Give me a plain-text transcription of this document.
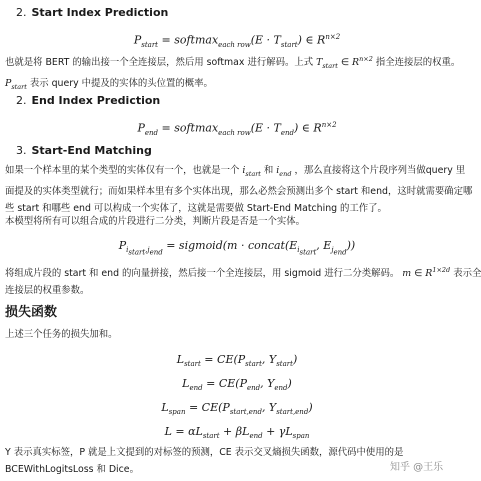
2. Start Index Prediction
$P_{start}$ = softmax$_{each row}$(E · $T_{start}$) ∈ $R^{n\times 2}$
也就是将 BERT 的输出接一个全连接层，然后用 softmax 进行解码。上式 $T_{start}$ ∈ $R^{n\times 2}$ 指全连接层的权重。
$P_{start}$ 表示 query 中提及的实体的头位置的概率。
2. End Index Prediction
$P_{end}$ = softmax$_{each row}$(E · $T_{end}$) ∈ $R^{n\times 2}$
3. Start-End Matching
如果一个样本里的某个类型的实体仅有一个，也就是一个 $i_{start}$ 和 $i_{end}$ ，那么直接将这个片段序列当做query 里
面提及的实体类型就行；而如果样本里有多个实体出现，那么必然会预测出多个 start 和end，这时就需要确定哪
些 start 和哪些 end 可以构成一个实体了，这就是需要做 Start-End Matching 的工作了。
本模型将所有可以组合成的片段进行二分类，判断片段是否是一个实体。
$P_{i_{start},j_{end}}$ = sigmoid(m · $concat(E_{i_{start}}$, $E_{j_{end}}$))
将组成片段的 start 和 end 的向量拼接，然后接一个全连接层，用 sigmoid 进行二分类解码。 m ∈ $R^{1\times 2d}$ 表示全
连接层的权重参数。
损失函数
上述三个任务的损失加和。
$L_{start} = CE(P_{start}$, $Y_{start}$)
$L_{end} = CE(P_{end}$, $Y_{end}$)
$L_{span} = CE(P_{start,end}$, $Y_{start,end}$)
$L = \alpha L_{start} + \beta L_{end} + \gamma L_{span}$
Y 表示真实标签，P 就是上文提到的对标签的预测，CE 表示交叉熵损失函数，源代码中使用的是
BCEWithLogitsLoss 和 Dice。	知乎 @王乐
